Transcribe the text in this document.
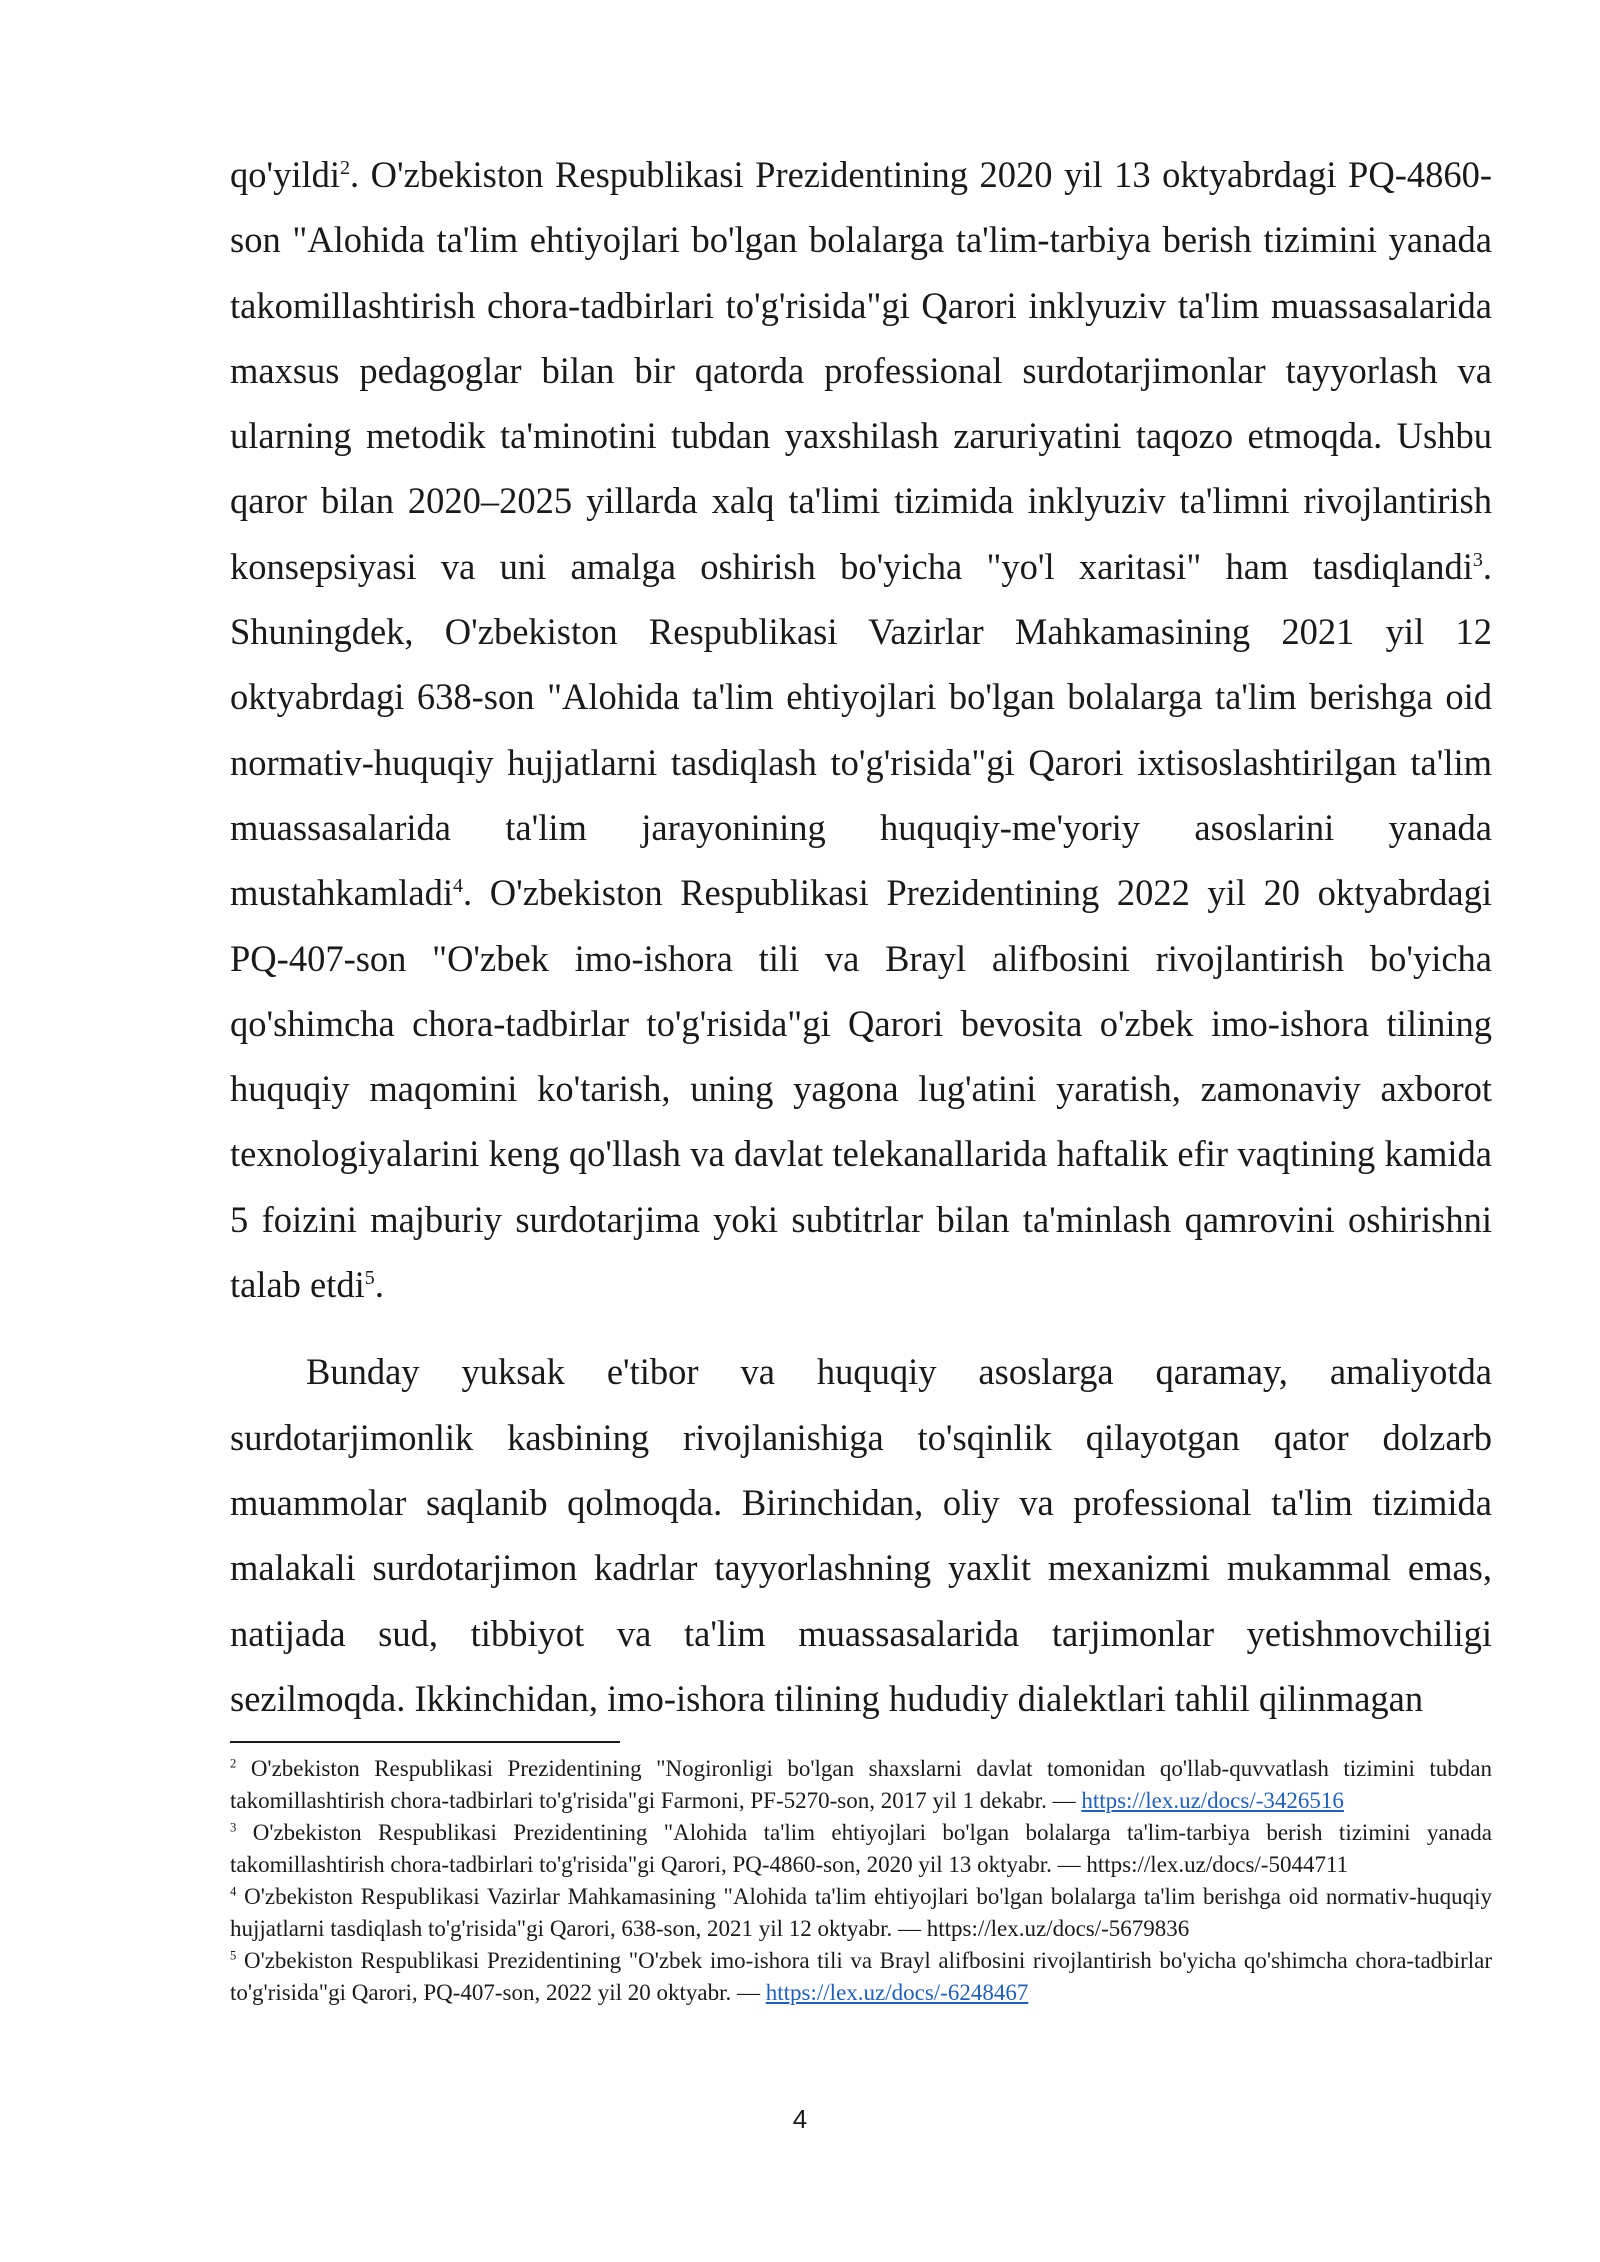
qo'yildi$^2$. O'zbekiston Respublikasi Prezidentining 2020 yil 13 oktyabrdagi PQ-4860-son "Alohida ta'lim ehtiyojlari bo'lgan bolalarga ta'lim-tarbiya berish tizimini yanada takomillashtirish chora-tadbirlari to'g'risida"gi Qarori inklyuziv ta'lim muassasalarida maxsus pedagoglar bilan bir qatorda professional surdotarjimonlar tayyorlash va ularning metodik ta'minotini tubdan yaxshilash zaruriyatini taqozo etmoqda. Ushbu qaror bilan 2020–2025 yillarda xalq ta'limi tizimida inklyuziv ta'limni rivojlantirish konsepsiyasi va uni amalga oshirish bo'yicha "yo'l xaritasi" ham tasdiqlandi$^3$. Shuningdek, O'zbekiston Respublikasi Vazirlar Mahkamasining 2021 yil 12 oktyabrdagi 638-son "Alohida ta'lim ehtiyojlari bo'lgan bolalarga ta'lim berishga oid normativ-huquqiy hujjatlarni tasdiqlash to'g'risida"gi Qarori ixtisoslashtirilgan ta'lim muassasalarida ta'lim jarayonining huquqiy-me'yoriy asoslarini yanada mustahkamladi$^4$. O'zbekiston Respublikasi Prezidentining 2022 yil 20 oktyabrdagi PQ-407-son "O'zbek imo-ishora tili va Brayl alifbosini rivojlantirish bo'yicha qo'shimcha chora-tadbirlar to'g'risida"gi Qarori bevosita o'zbek imo-ishora tilining huquqiy maqomini ko'tarish, uning yagona lug'atini yaratish, zamonaviy axborot texnologiyalarini keng qo'llash va davlat telekanallarida haftalik efir vaqtining kamida 5 foizini majburiy surdotarjima yoki subtitrlar bilan ta'minlash qamrovini oshirishni talab etdi$^5$.

Bunday yuksak e'tibor va huquqiy asoslarga qaramay, amaliyotda surdotarjimonlik kasbining rivojlanishiga to'sqinlik qilayotgan qator dolzarb muammolar saqlanib qolmoqda. Birinchidan, oliy va professional ta'lim tizimida malakali surdotarjimon kadrlar tayyorlashning yaxlit mexanizmi mukammal emas, natijada sud, tibbiyot va ta'lim muassasalarida tarjimonlar yetishmovchiligi sezilmoqda. Ikkinchidan, imo-ishora tilining hududiy dialektlari tahlil qilinmagan

$^2$ O'zbekiston Respublikasi Prezidentining "Nogironligi bo'lgan shaxslarni davlat tomonidan qo'llab-quvvatlash tizimini tubdan takomillashtirish chora-tadbirlari to'g'risida"gi Farmoni, PF-5270-son, 2017 yil 1 dekabr. — https://lex.uz/docs/-3426516

$^3$ O'zbekiston Respublikasi Prezidentining "Alohida ta'lim ehtiyojlari bo'lgan bolalarga ta'lim-tarbiya berish tizimini yanada takomillashtirish chora-tadbirlari to'g'risida"gi Qarori, PQ-4860-son, 2020 yil 13 oktyabr. — https://lex.uz/docs/-5044711

$^4$ O'zbekiston Respublikasi Vazirlar Mahkamasining "Alohida ta'lim ehtiyojlari bo'lgan bolalarga ta'lim berishga oid normativ-huquqiy hujjatlarni tasdiqlash to'g'risida"gi Qarori, 638-son, 2021 yil 12 oktyabr. — https://lex.uz/docs/-5679836

$^5$ O'zbekiston Respublikasi Prezidentining "O'zbek imo-ishora tili va Brayl alifbosini rivojlantirish bo'yicha qo'shimcha chora-tadbirlar to'g'risida"gi Qarori, PQ-407-son, 2022 yil 20 oktyabr. — https://lex.uz/docs/-6248467

4
